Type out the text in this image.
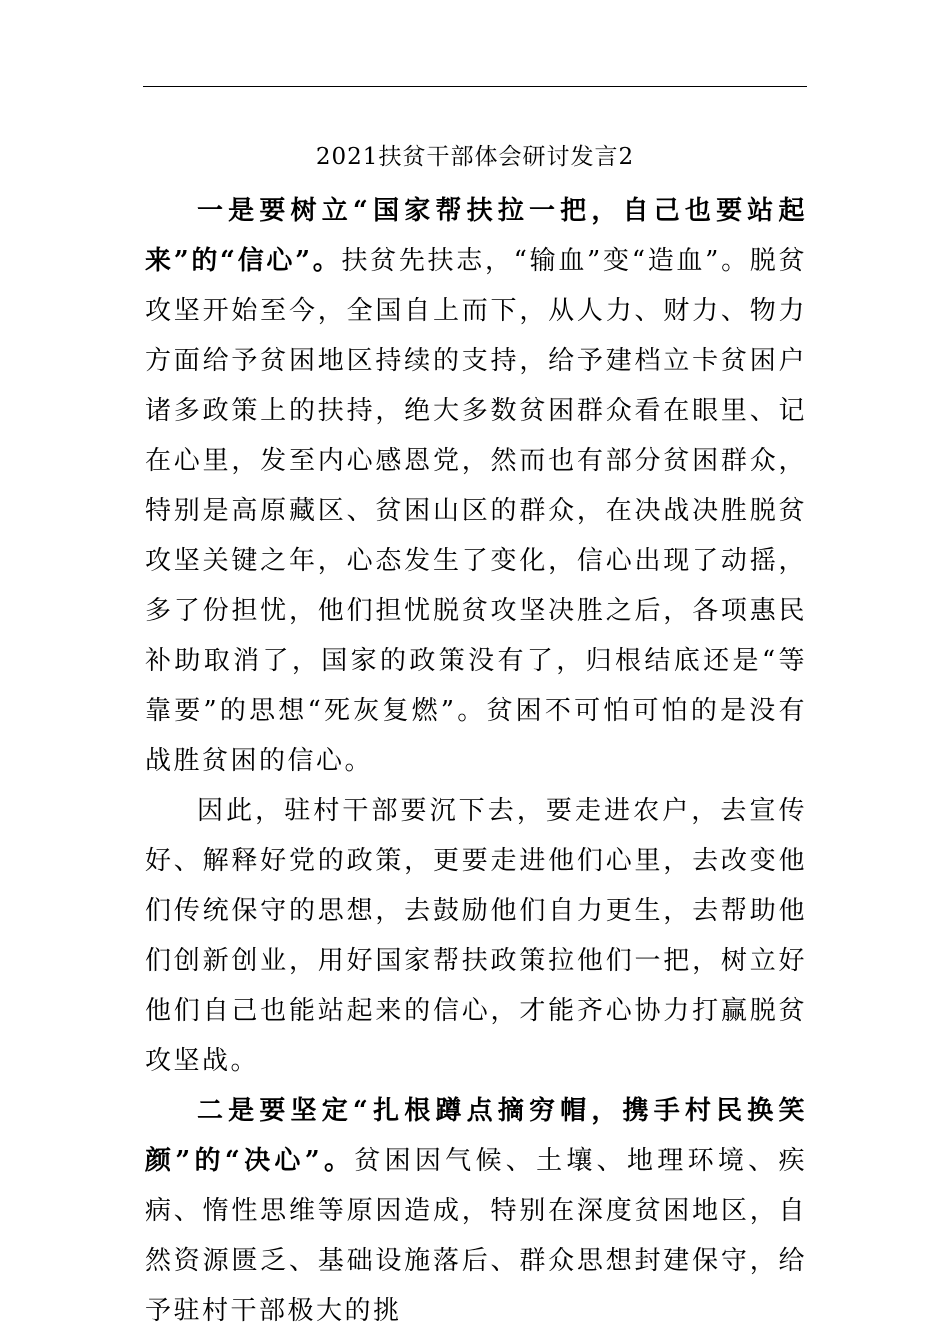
2021扶贫干部体会研讨发言2

一是要树立“国家帮扶拉一把，自己也要站起来”的“信心”。扶贫先扶志，“输血”变“造血”。脱贫攻坚开始至今，全国自上而下，从人力、财力、物力方面给予贫困地区持续的支持，给予建档立卡贫困户诸多政策上的扶持，绝大多数贫困群众看在眼里、记在心里，发至内心感恩党，然而也有部分贫困群众，特别是高原藏区、贫困山区的群众，在决战决胜脱贫攻坚关键之年，心态发生了变化，信心出现了动摇，多了份担忧，他们担忧脱贫攻坚决胜之后，各项惠民补助取消了，国家的政策没有了，归根结底还是“等靠要”的思想“死灰复燃”。贫困不可怕可怕的是没有战胜贫困的信心。

因此，驻村干部要沉下去，要走进农户，去宣传好、解释好党的政策，更要走进他们心里，去改变他们传统保守的思想，去鼓励他们自力更生，去帮助他们创新创业，用好国家帮扶政策拉他们一把，树立好他们自己也能站起来的信心，才能齐心协力打赢脱贫攻坚战。

二是要坚定“扎根蹲点摘穷帽，携手村民换笑颜”的“决心”。贫困因气候、土壤、地理环境、疾病、惰性思维等原因造成，特别在深度贫困地区，自然资源匮乏、基础设施落后、群众思想封建保守，给予驻村干部极大的挑
